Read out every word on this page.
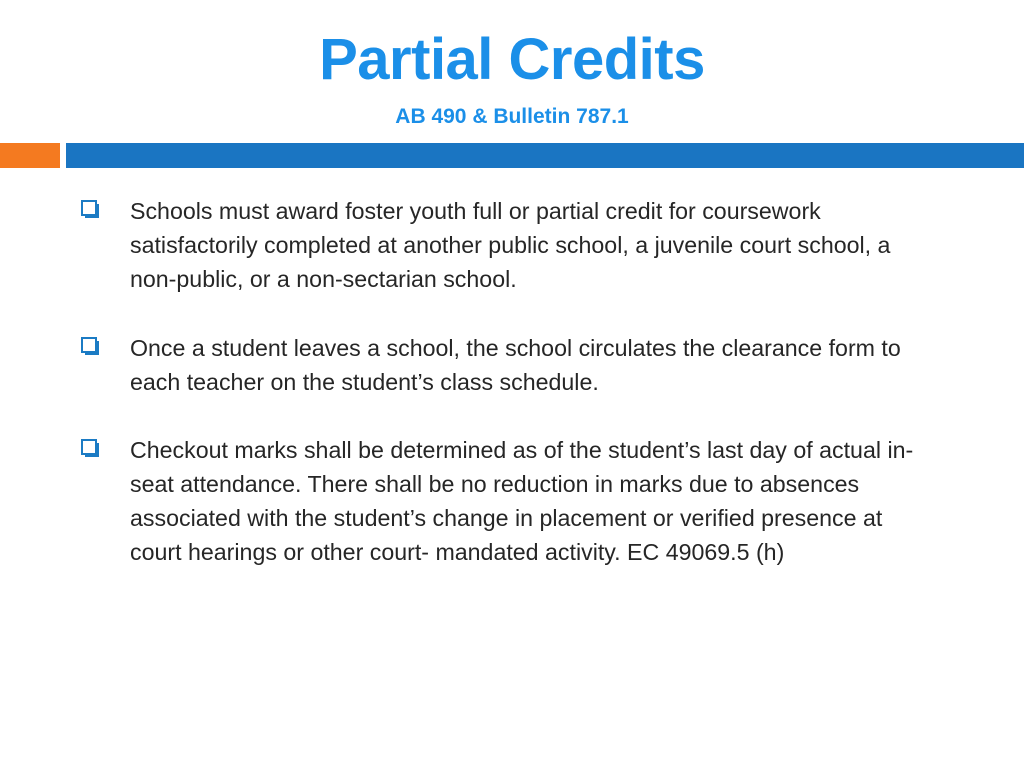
Partial Credits
AB 490 & Bulletin 787.1

Schools must award foster youth full or partial credit for coursework satisfactorily completed at another public school, a juvenile court school, a non-public, or a non-sectarian school.

Once a student leaves a school, the school circulates the clearance form to each teacher on the student’s class schedule.

Checkout marks shall be determined as of the student’s last day of actual in-seat attendance. There shall be no reduction in marks due to absences associated with the student’s change in placement or verified presence at court hearings or other court- mandated activity. EC 49069.5 (h)
